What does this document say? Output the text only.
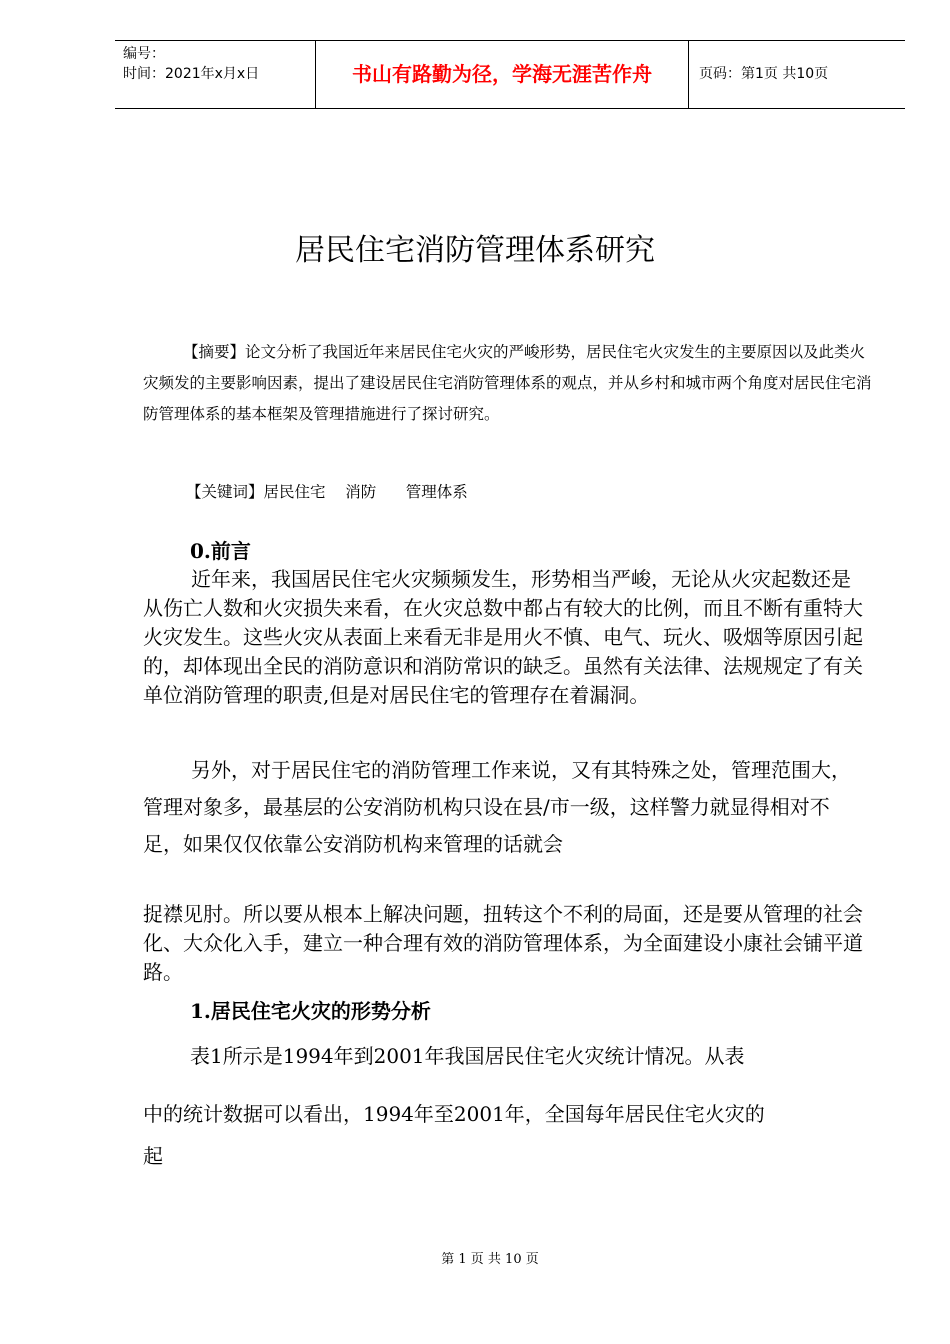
编号：
时间：2021年x月x日	书山有路勤为径，学海无涯苦作舟	页码：第1页 共10页
居民住宅消防管理体系研究

【摘要】论文分析了我国近年来居民住宅火灾的严峻形势，居民住宅火灾发生的主要原因以及此类火灾频发的主要影响因素，提出了建设居民住宅消防管理体系的观点，并从乡村和城市两个角度对居民住宅消防管理体系的基本框架及管理措施进行了探讨研究。

【关键词】居民住宅    消防      管理体系
0.前言

近年来，我国居民住宅火灾频频发生，形势相当严峻，无论从火灾起数还是从伤亡人数和火灾损失来看，在火灾总数中都占有较大的比例，而且不断有重特大火灾发生。这些火灾从表面上来看无非是用火不慎、电气、玩火、吸烟等原因引起的，却体现出全民的消防意识和消防常识的缺乏。虽然有关法律、法规规定了有关单位消防管理的职责,但是对居民住宅的管理存在着漏洞。

另外，对于居民住宅的消防管理工作来说，又有其特殊之处，管理范围大，管理对象多，最基层的公安消防机构只设在县/市一级，这样警力就显得相对不足，如果仅仅依靠公安消防机构来管理的话就会

捉襟见肘。所以要从根本上解决问题，扭转这个不利的局面，还是要从管理的社会化、大众化入手，建立一种合理有效的消防管理体系，为全面建设小康社会铺平道路。

1.居民住宅火灾的形势分析
表1所示是1994年到2001年我国居民住宅火灾统计情况。从表
中的统计数据可以看出，1994年至2001年，全国每年居民住宅火灾的
起
第 1 页 共 10 页
